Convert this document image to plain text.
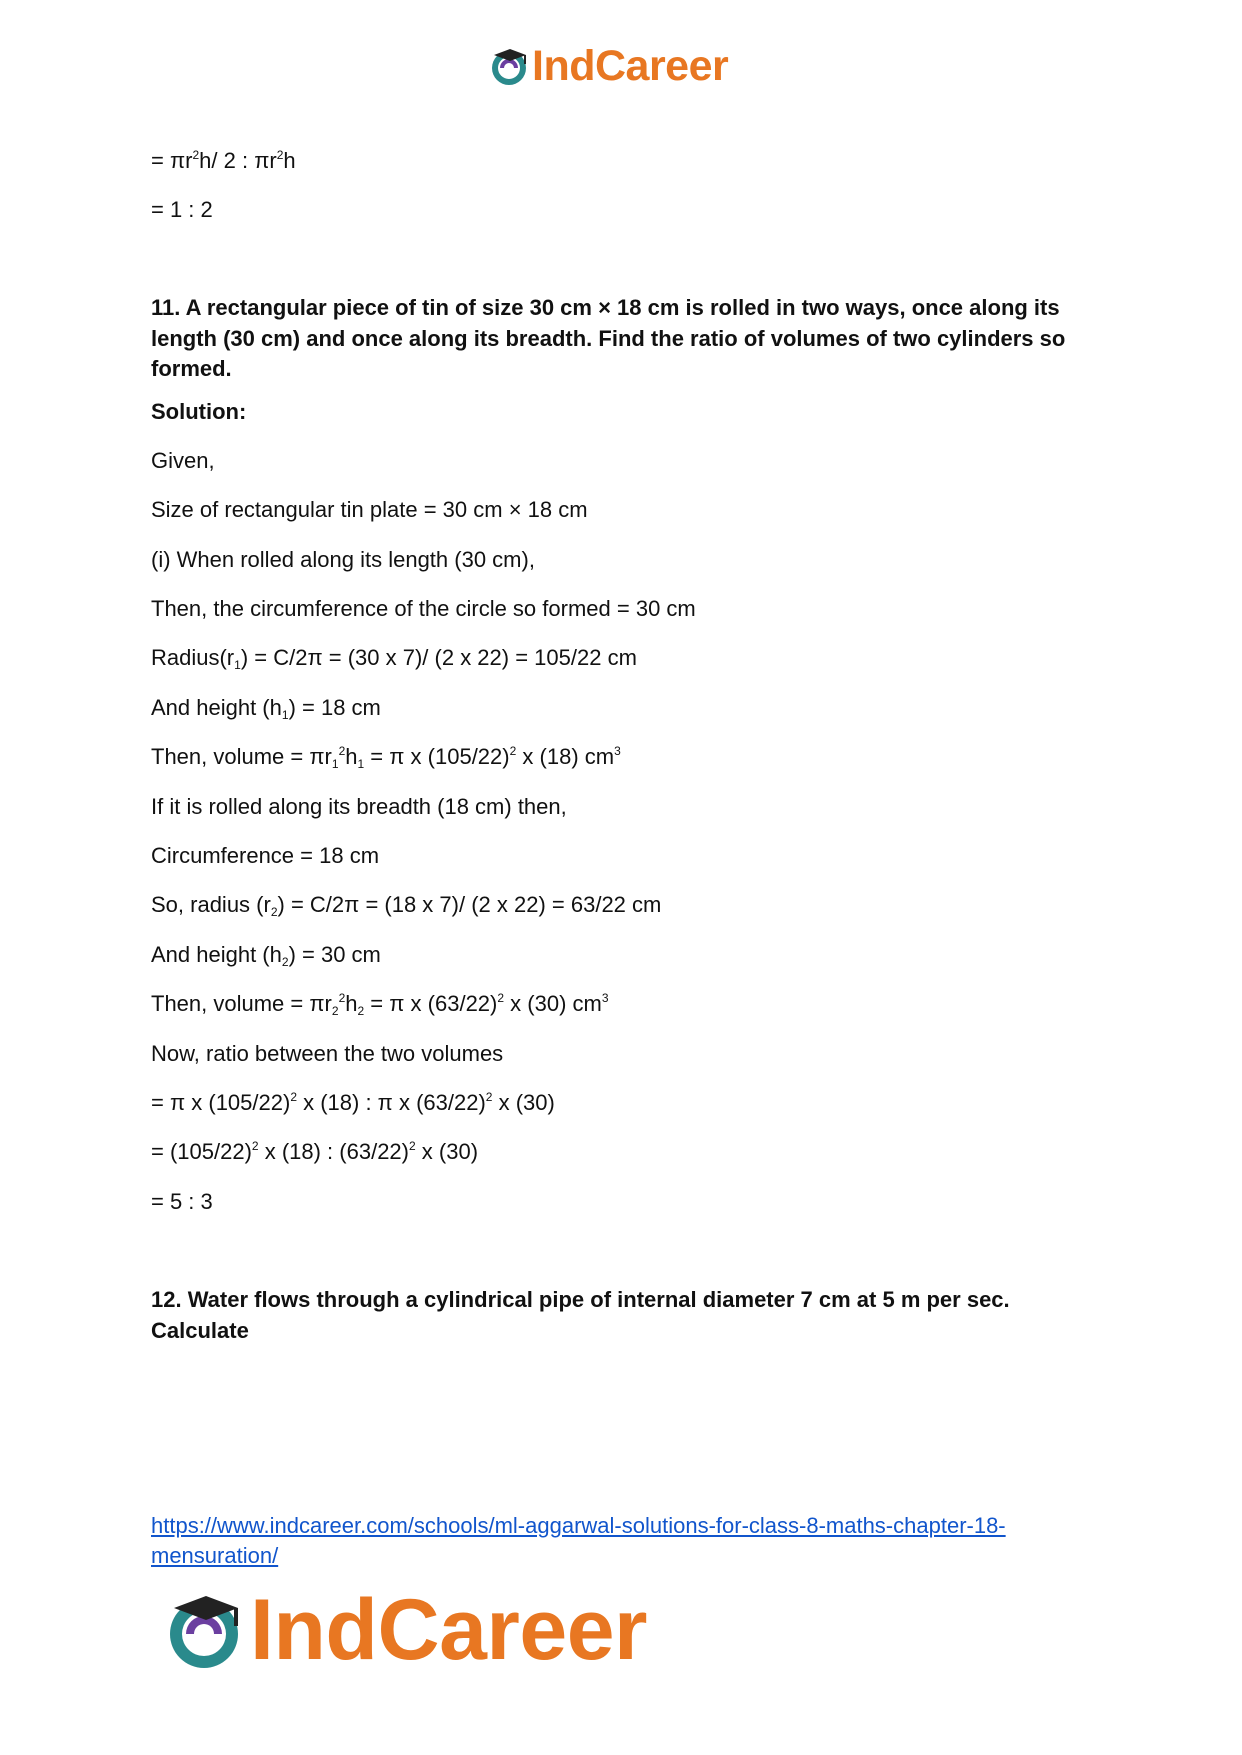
IndCareer
= $\pi r^2h/$ 2 : $\pi r^2h$
= 1 : 2
11. A rectangular piece of tin of size 30 cm × 18 cm is rolled in two ways, once along its length (30 cm) and once along its breadth. Find the ratio of volumes of two cylinders so formed.
Solution:
Given,
Size of rectangular tin plate = 30 cm × 18 cm
(i) When rolled along its length (30 cm),
Then, the circumference of the circle so formed = 30 cm
$Radius(r_1) = C/2\pi = (30$ x 7)/ (2 x 22) = 105/22 cm
And height $(h_1) = 18$ cm
Then, volume = $\pi r_1^2h_1 = \pi$ x $(105/22)^2$ x (18) $cm^3$
If it is rolled along its breadth (18 cm) then,
Circumference = 18 cm
So, radius $(r_2) = C/2\pi = (18$ x 7)/ (2 x 22) = 63/22 cm
And height $(h_2) = 30$ cm
Then, volume = $\pi r_2^2h_2 = \pi$ x $(63/22)^2$ x (30) $cm^3$
Now, ratio between the two volumes
= π x $(105/22)^2$ x (18) : π x $(63/22)^2$ x (30)
= $(105/22)^2$ x (18) : $(63/22)^2$ x (30)
= 5 : 3
12. Water flows through a cylindrical pipe of internal diameter 7 cm at 5 m per sec. Calculate
https://www.indcareer.com/schools/ml-aggarwal-solutions-for-class-8-maths-chapter-18-mensuration/
IndCareer
